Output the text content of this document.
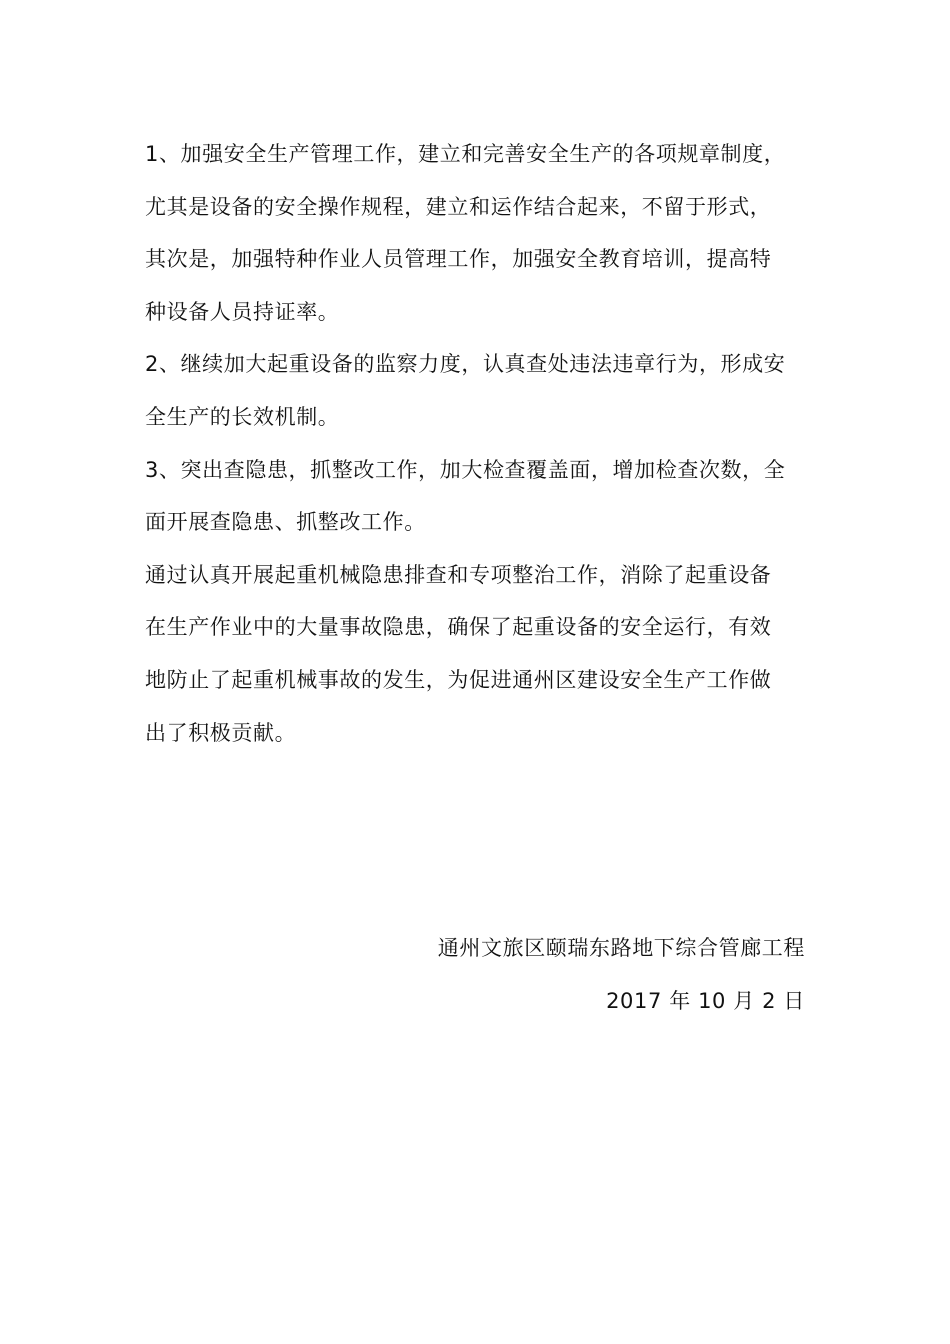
1、加强安全生产管理工作，建立和完善安全生产的各项规章制度，
尤其是设备的安全操作规程，建立和运作结合起来，不留于形式，
其次是，加强特种作业人员管理工作，加强安全教育培训，提高特
种设备人员持证率。
2、继续加大起重设备的监察力度，认真查处违法违章行为，形成安
全生产的长效机制。
3、突出查隐患，抓整改工作，加大检查覆盖面，增加检查次数，全
面开展查隐患、抓整改工作。
通过认真开展起重机械隐患排查和专项整治工作，消除了起重设备
在生产作业中的大量事故隐患，确保了起重设备的安全运行，有效
地防止了起重机械事故的发生，为促进通州区建设安全生产工作做
出了积极贡献。
通州文旅区颐瑞东路地下综合管廊工程
2017 年 10 月 2 日
